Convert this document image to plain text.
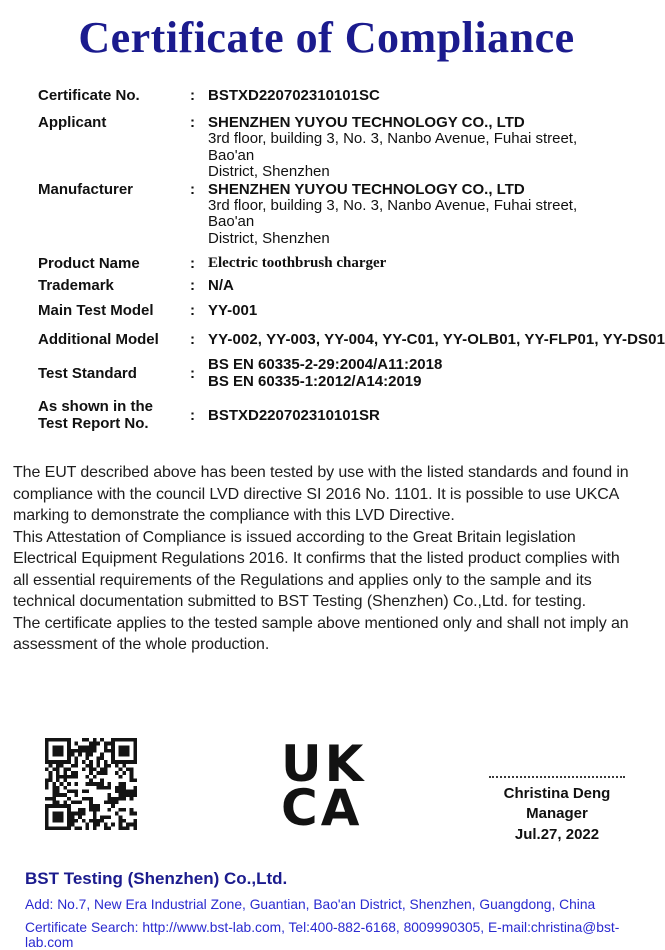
Certificate of Compliance
Certificate No.	: BSTXD220702310101SC
Applicant	: SHENZHEN YUYOU TECHNOLOGY CO., LTD
3rd floor, building 3, No. 3, Nanbo Avenue, Fuhai street, Bao'an
District, Shenzhen
Manufacturer	: SHENZHEN YUYOU TECHNOLOGY CO., LTD
3rd floor, building 3, No. 3, Nanbo Avenue, Fuhai street, Bao'an
District, Shenzhen
Product Name	: Electric toothbrush charger
Trademark	: N/A
Main Test Model	: YY-001
Additional Model	: YY-002, YY-003, YY-004, YY-C01, YY-OLB01, YY-FLP01, YY-DS01
Test Standard	: BS EN 60335-2-29:2004/A11:2018
BS EN 60335-1:2012/A14:2019
As shown in the
Test Report No.	: BSTXD220702310101SR

The EUT described above has been tested by use with the listed standards and found in compliance with the council LVD directive SI 2016 No. 1101. It is possible to use UKCA marking to demonstrate the compliance with this LVD Directive.

This Attestation of Compliance is issued according to the Great Britain legislation Electrical Equipment Regulations 2016. It confirms that the listed product complies with all essential requirements of the Regulations and applies only to the sample and its technical documentation submitted to BST Testing (Shenzhen) Co.,Ltd. for testing.

The certificate applies to the tested sample above mentioned only and shall not imply an assessment of the whole production.

UK
CA	Christina Deng
Manager
Jul.27, 2022
BST Testing (Shenzhen) Co.,Ltd.
Add: No.7, New Era Industrial Zone, Guantian, Bao'an District, Shenzhen, Guangdong, China
Certificate Search: http://www.bst-lab.com, Tel:400-882-6168, 8009990305, E-mail:christina@bst-lab.com
